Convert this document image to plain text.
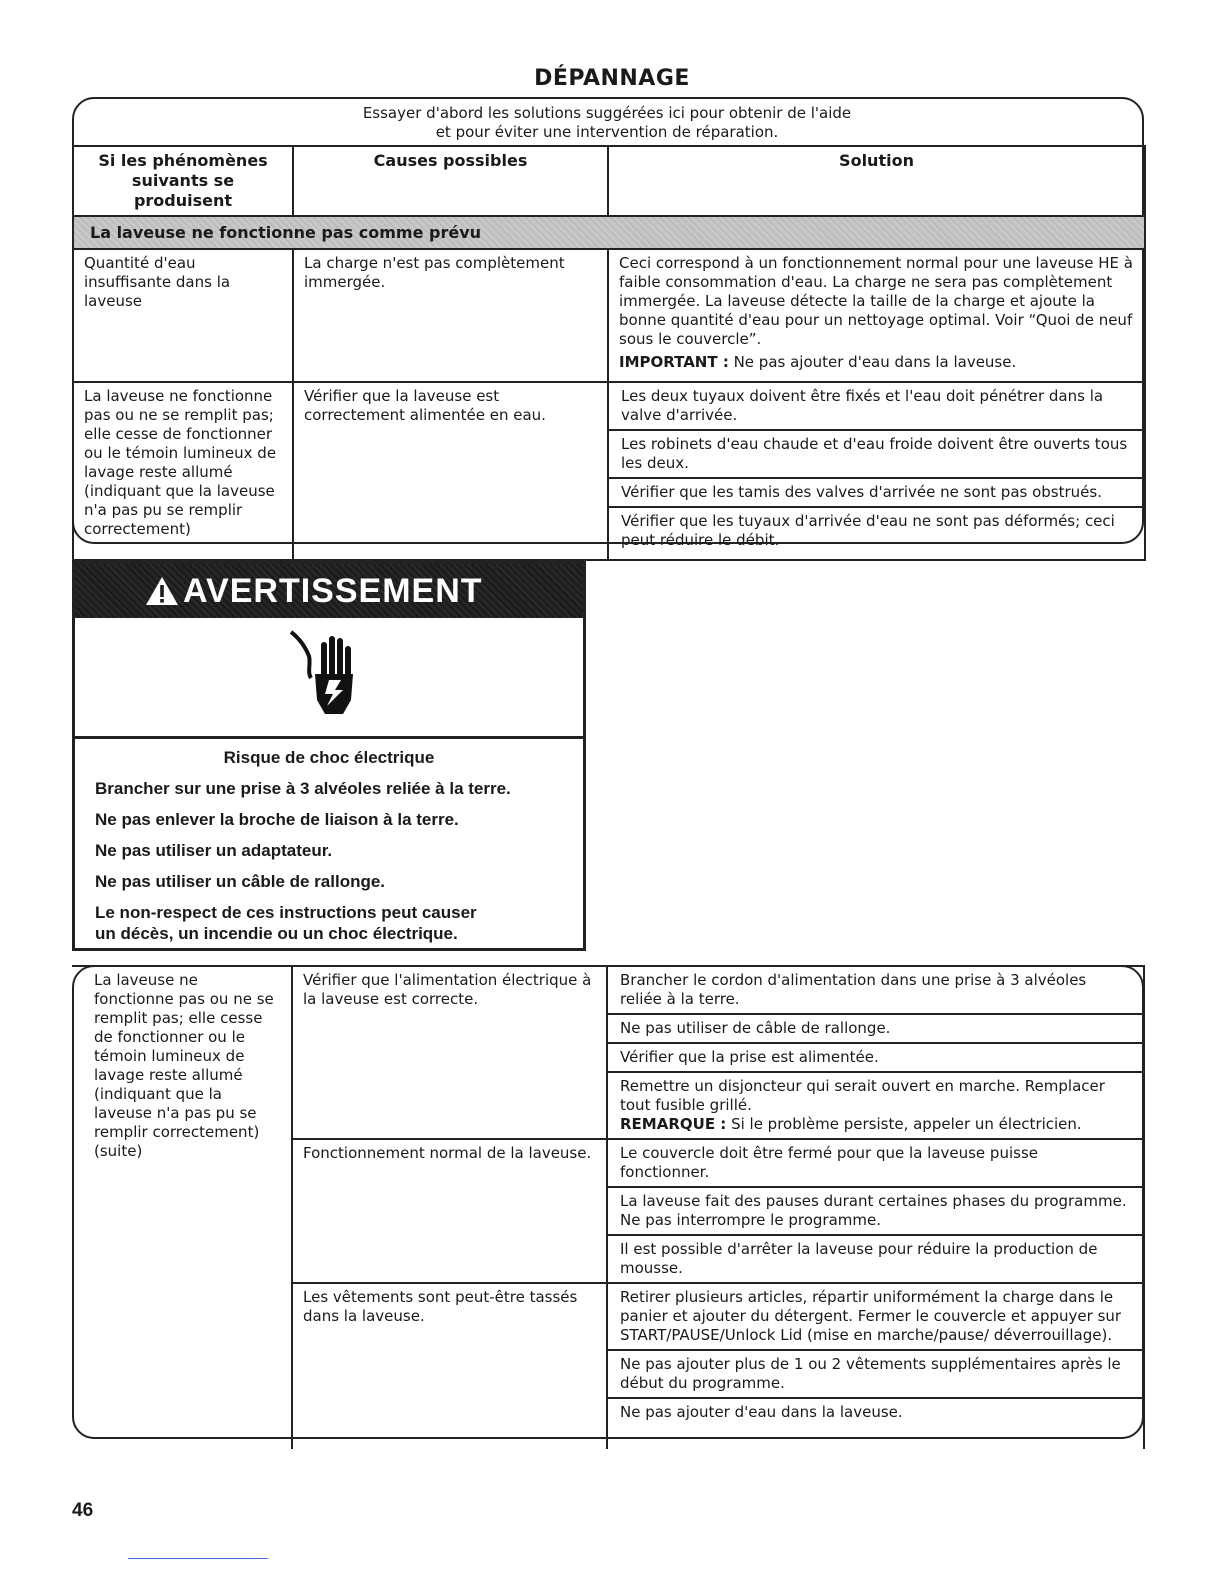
DÉPANNAGE
Essayer d'abord les solutions suggérées ici pour obtenir de l'aide
et pour éviter une intervention de réparation.
Si les phénomènes
suivants se produisent	Causes possibles	Solution
La laveuse ne fonctionne pas comme prévu		
Quantité d'eau insuffisante dans la laveuse	La charge n'est pas complètement immergée.	Ceci correspond à un fonctionnement normal pour une laveuse HE à faible consommation d'eau. La charge ne sera pas complètement immergée. La laveuse détecte la taille de la charge et ajoute la bonne quantité d'eau pour un nettoyage optimal. Voir “Quoi de neuf sous le couvercle”.
IMPORTANT : Ne pas ajouter d'eau dans la laveuse.

La laveuse ne fonctionne pas ou ne se remplit pas; elle cesse de fonctionner ou le témoin lumineux de lavage reste allumé (indiquant que la laveuse n'a pas pu se remplir correctement)	Vérifier que la laveuse est correctement alimentée en eau.	Les deux tuyaux doivent être fixés et l'eau doit pénétrer dans la valve d'arrivée.
Les robinets d'eau chaude et d'eau froide doivent être ouverts tous les deux.
Vérifier que les tamis des valves d'arrivée ne sont pas obstrués.
Vérifier que les tuyaux d'arrivée d'eau ne sont pas déformés; ceci peut réduire le débit.
AVERTISSEMENT
Risque de choc électrique

Brancher sur une prise à 3 alvéoles reliée à la terre.

Ne pas enlever la broche de liaison à la terre.

Ne pas utiliser un adaptateur.

Ne pas utiliser un câble de rallonge.

Le non-respect de ces instructions peut causer
un décès, un incendie ou un choc électrique.
La laveuse ne fonctionne pas ou ne se remplit pas; elle cesse de fonctionner ou le témoin lumineux de lavage reste allumé (indiquant que la laveuse n'a pas pu se remplir correctement) (suite)	Vérifier que l'alimentation électrique à la laveuse est correcte.	Brancher le cordon d'alimentation dans une prise à 3 alvéoles reliée à la terre.
Ne pas utiliser de câble de rallonge.
Vérifier que la prise est alimentée.
Remettre un disjoncteur qui serait ouvert en marche. Remplacer tout fusible grillé.
REMARQUE : Si le problème persiste, appeler un électricien.

	Fonctionnement normal de la laveuse.	Le couvercle doit être fermé pour que la laveuse puisse fonctionner.
La laveuse fait des pauses durant certaines phases du programme. Ne pas interrompre le programme.
Il est possible d'arrêter la laveuse pour réduire la production de mousse.

	Les vêtements sont peut-être tassés dans la laveuse.	Retirer plusieurs articles, répartir uniformément la charge dans le panier et ajouter du détergent. Fermer le couvercle et appuyer sur START/PAUSE/Unlock Lid (mise en marche/pause/ déverrouillage).
Ne pas ajouter plus de 1 ou 2 vêtements supplémentaires après le début du programme.
Ne pas ajouter d'eau dans la laveuse.
46
